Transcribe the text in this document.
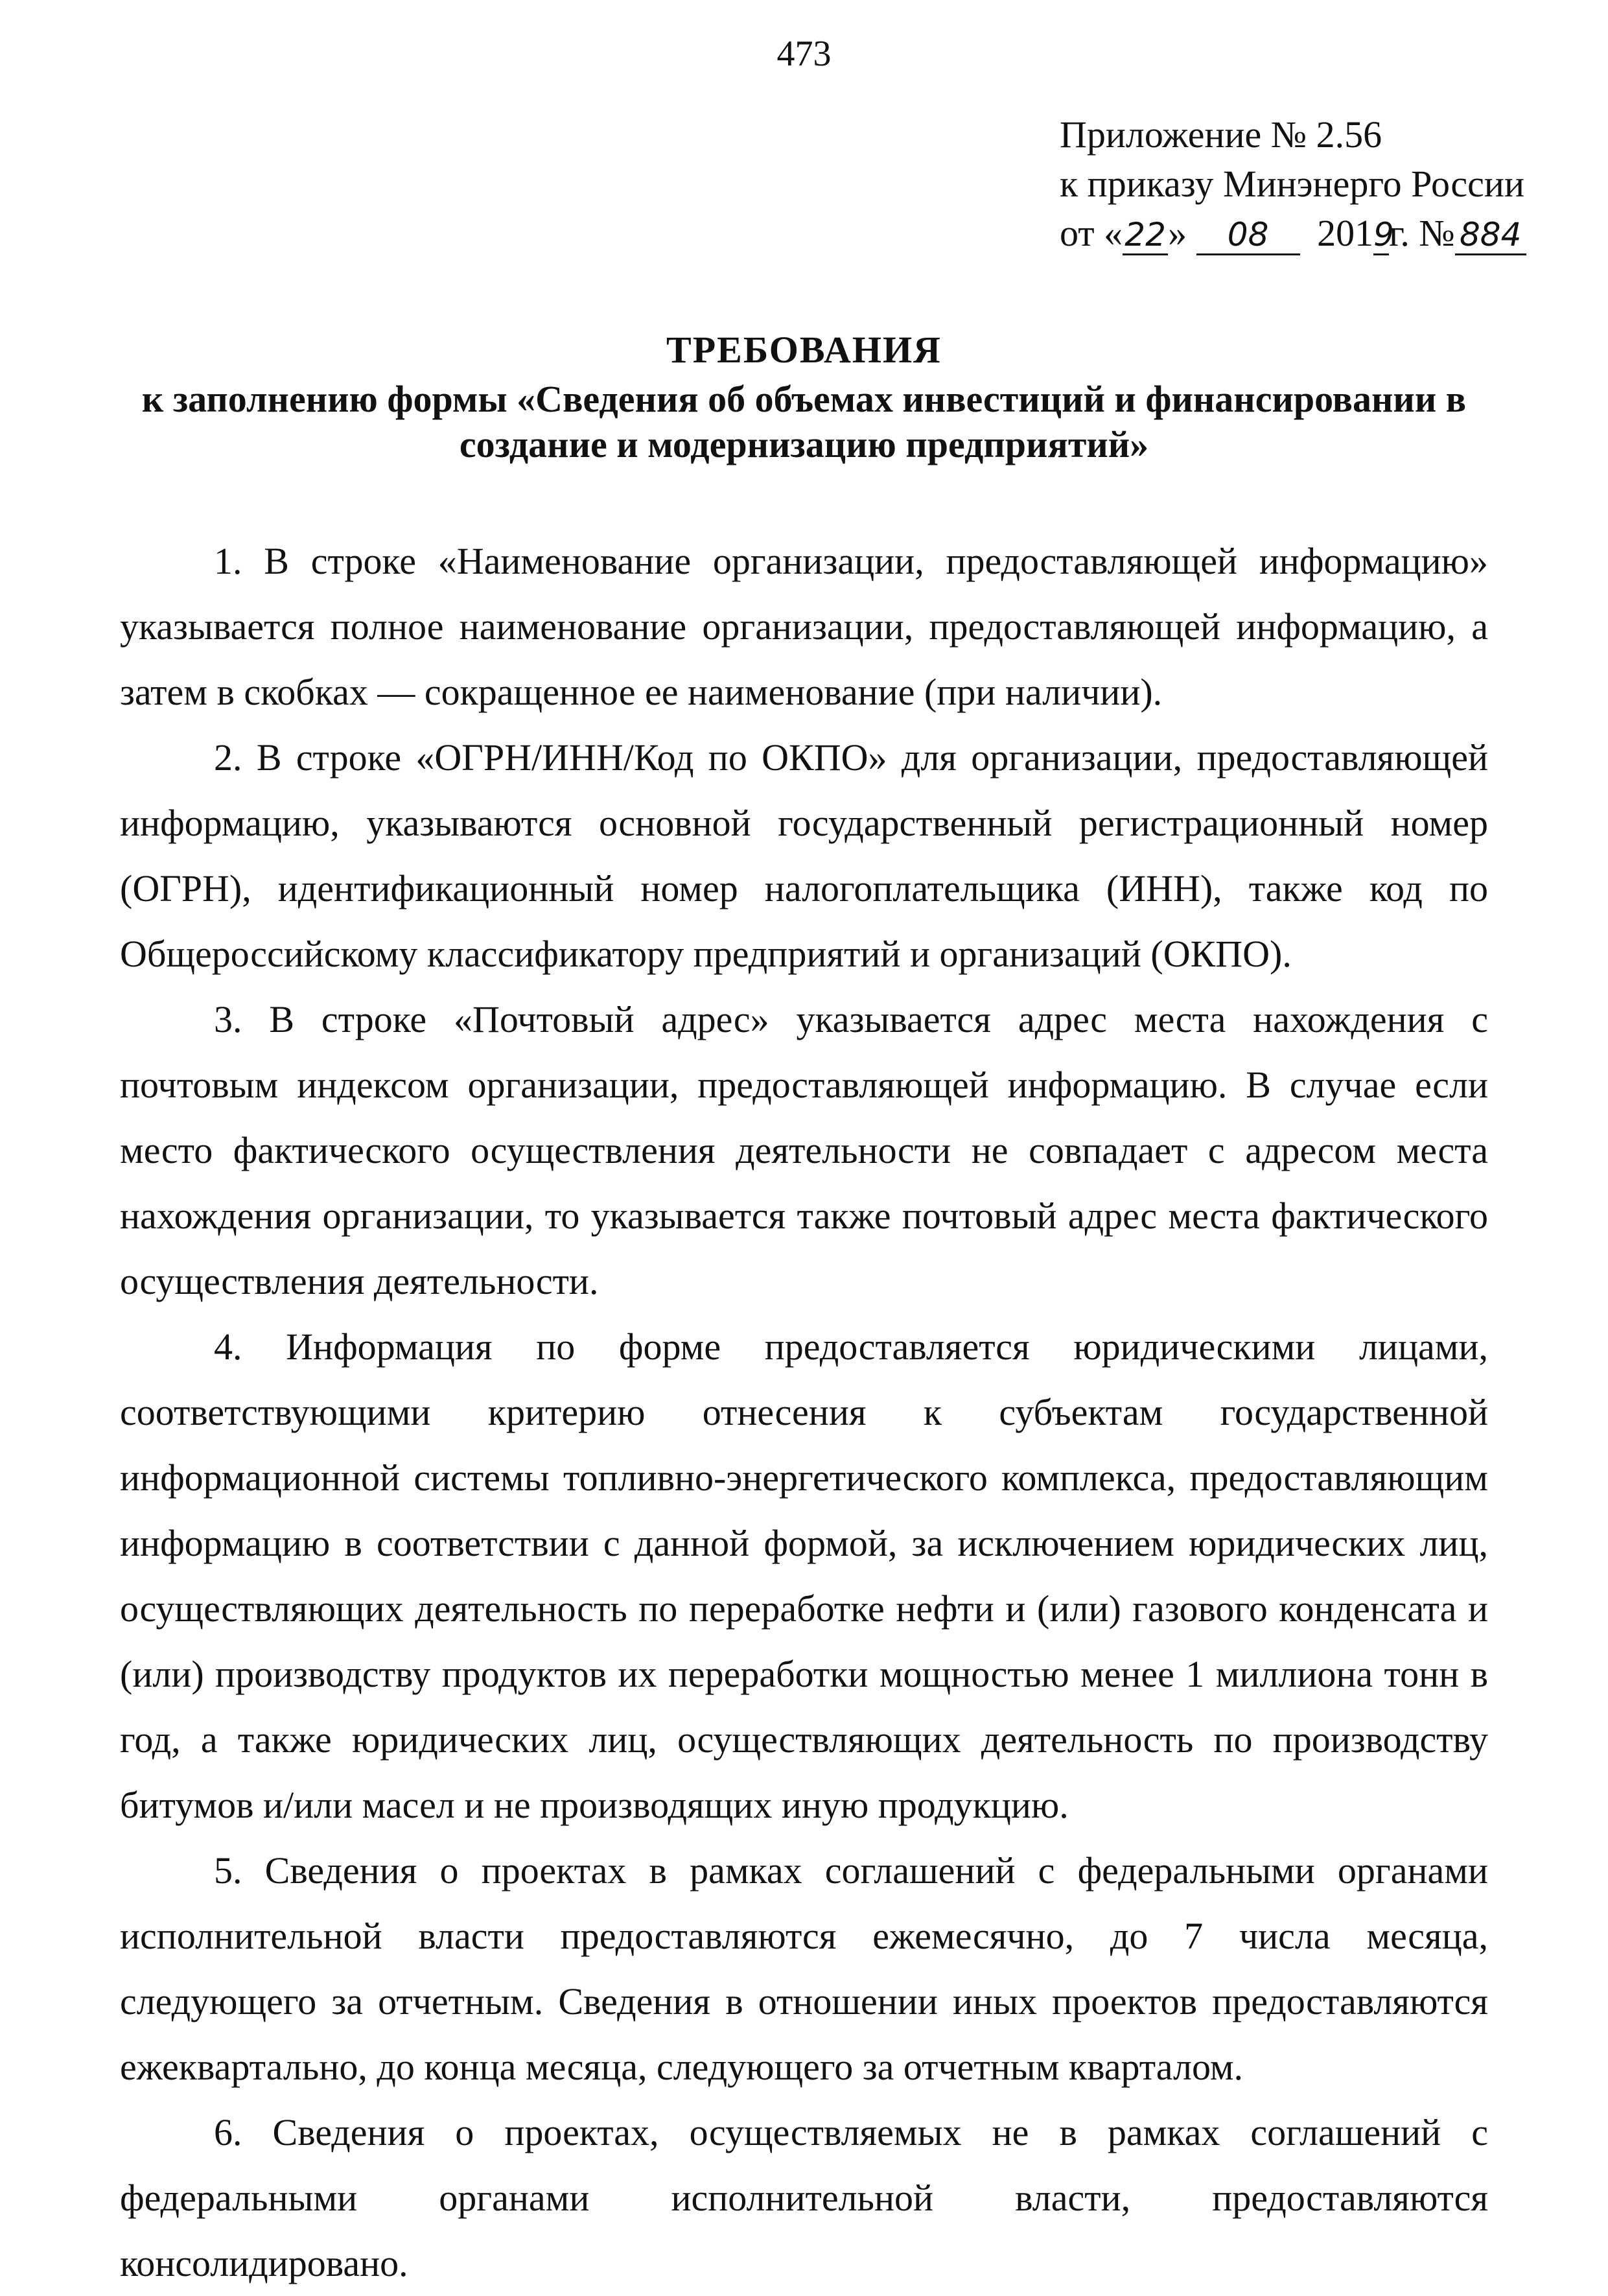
473
Приложение № 2.56
к приказу Минэнерго России
от «22» 08 2019г. № 884
ТРЕБОВАНИЯ
к заполнению формы «Сведения об объемах инвестиций и финансировании в создание и модернизацию предприятий»

1. В строке «Наименование организации, предоставляющей информацию» указывается полное наименование организации, предоставляющей информацию, а затем в скобках — сокращенное ее наименование (при наличии).

2. В строке «ОГРН/ИНН/Код по ОКПО» для организации, предоставляющей информацию, указываются основной государственный регистрационный номер (ОГРН), идентификационный номер налогоплательщика (ИНН), также код по Общероссийскому классификатору предприятий и организаций (ОКПО).

3. В строке «Почтовый адрес» указывается адрес места нахождения с почтовым индексом организации, предоставляющей информацию. В случае если место фактического осуществления деятельности не совпадает с адресом места нахождения организации, то указывается также почтовый адрес места фактического осуществления деятельности.

4. Информация по форме предоставляется юридическими лицами, соответствующими критерию отнесения к субъектам государственной информационной системы топливно-энергетического комплекса, предоставляющим информацию в соответствии с данной формой, за исключением юридических лиц, осуществляющих деятельность по переработке нефти и (или) газового конденсата и (или) производству продуктов их переработки мощностью менее 1 миллиона тонн в год, а также юридических лиц, осуществляющих деятельность по производству битумов и/или масел и не производящих иную продукцию.

5. Сведения о проектах в рамках соглашений с федеральными органами исполнительной власти предоставляются ежемесячно, до 7 числа месяца, следующего за отчетным. Сведения в отношении иных проектов предоставляются ежеквартально, до конца месяца, следующего за отчетным кварталом.

6. Сведения о проектах, осуществляемых не в рамках соглашений с федеральными органами исполнительной власти, предоставляются консолидировано.
